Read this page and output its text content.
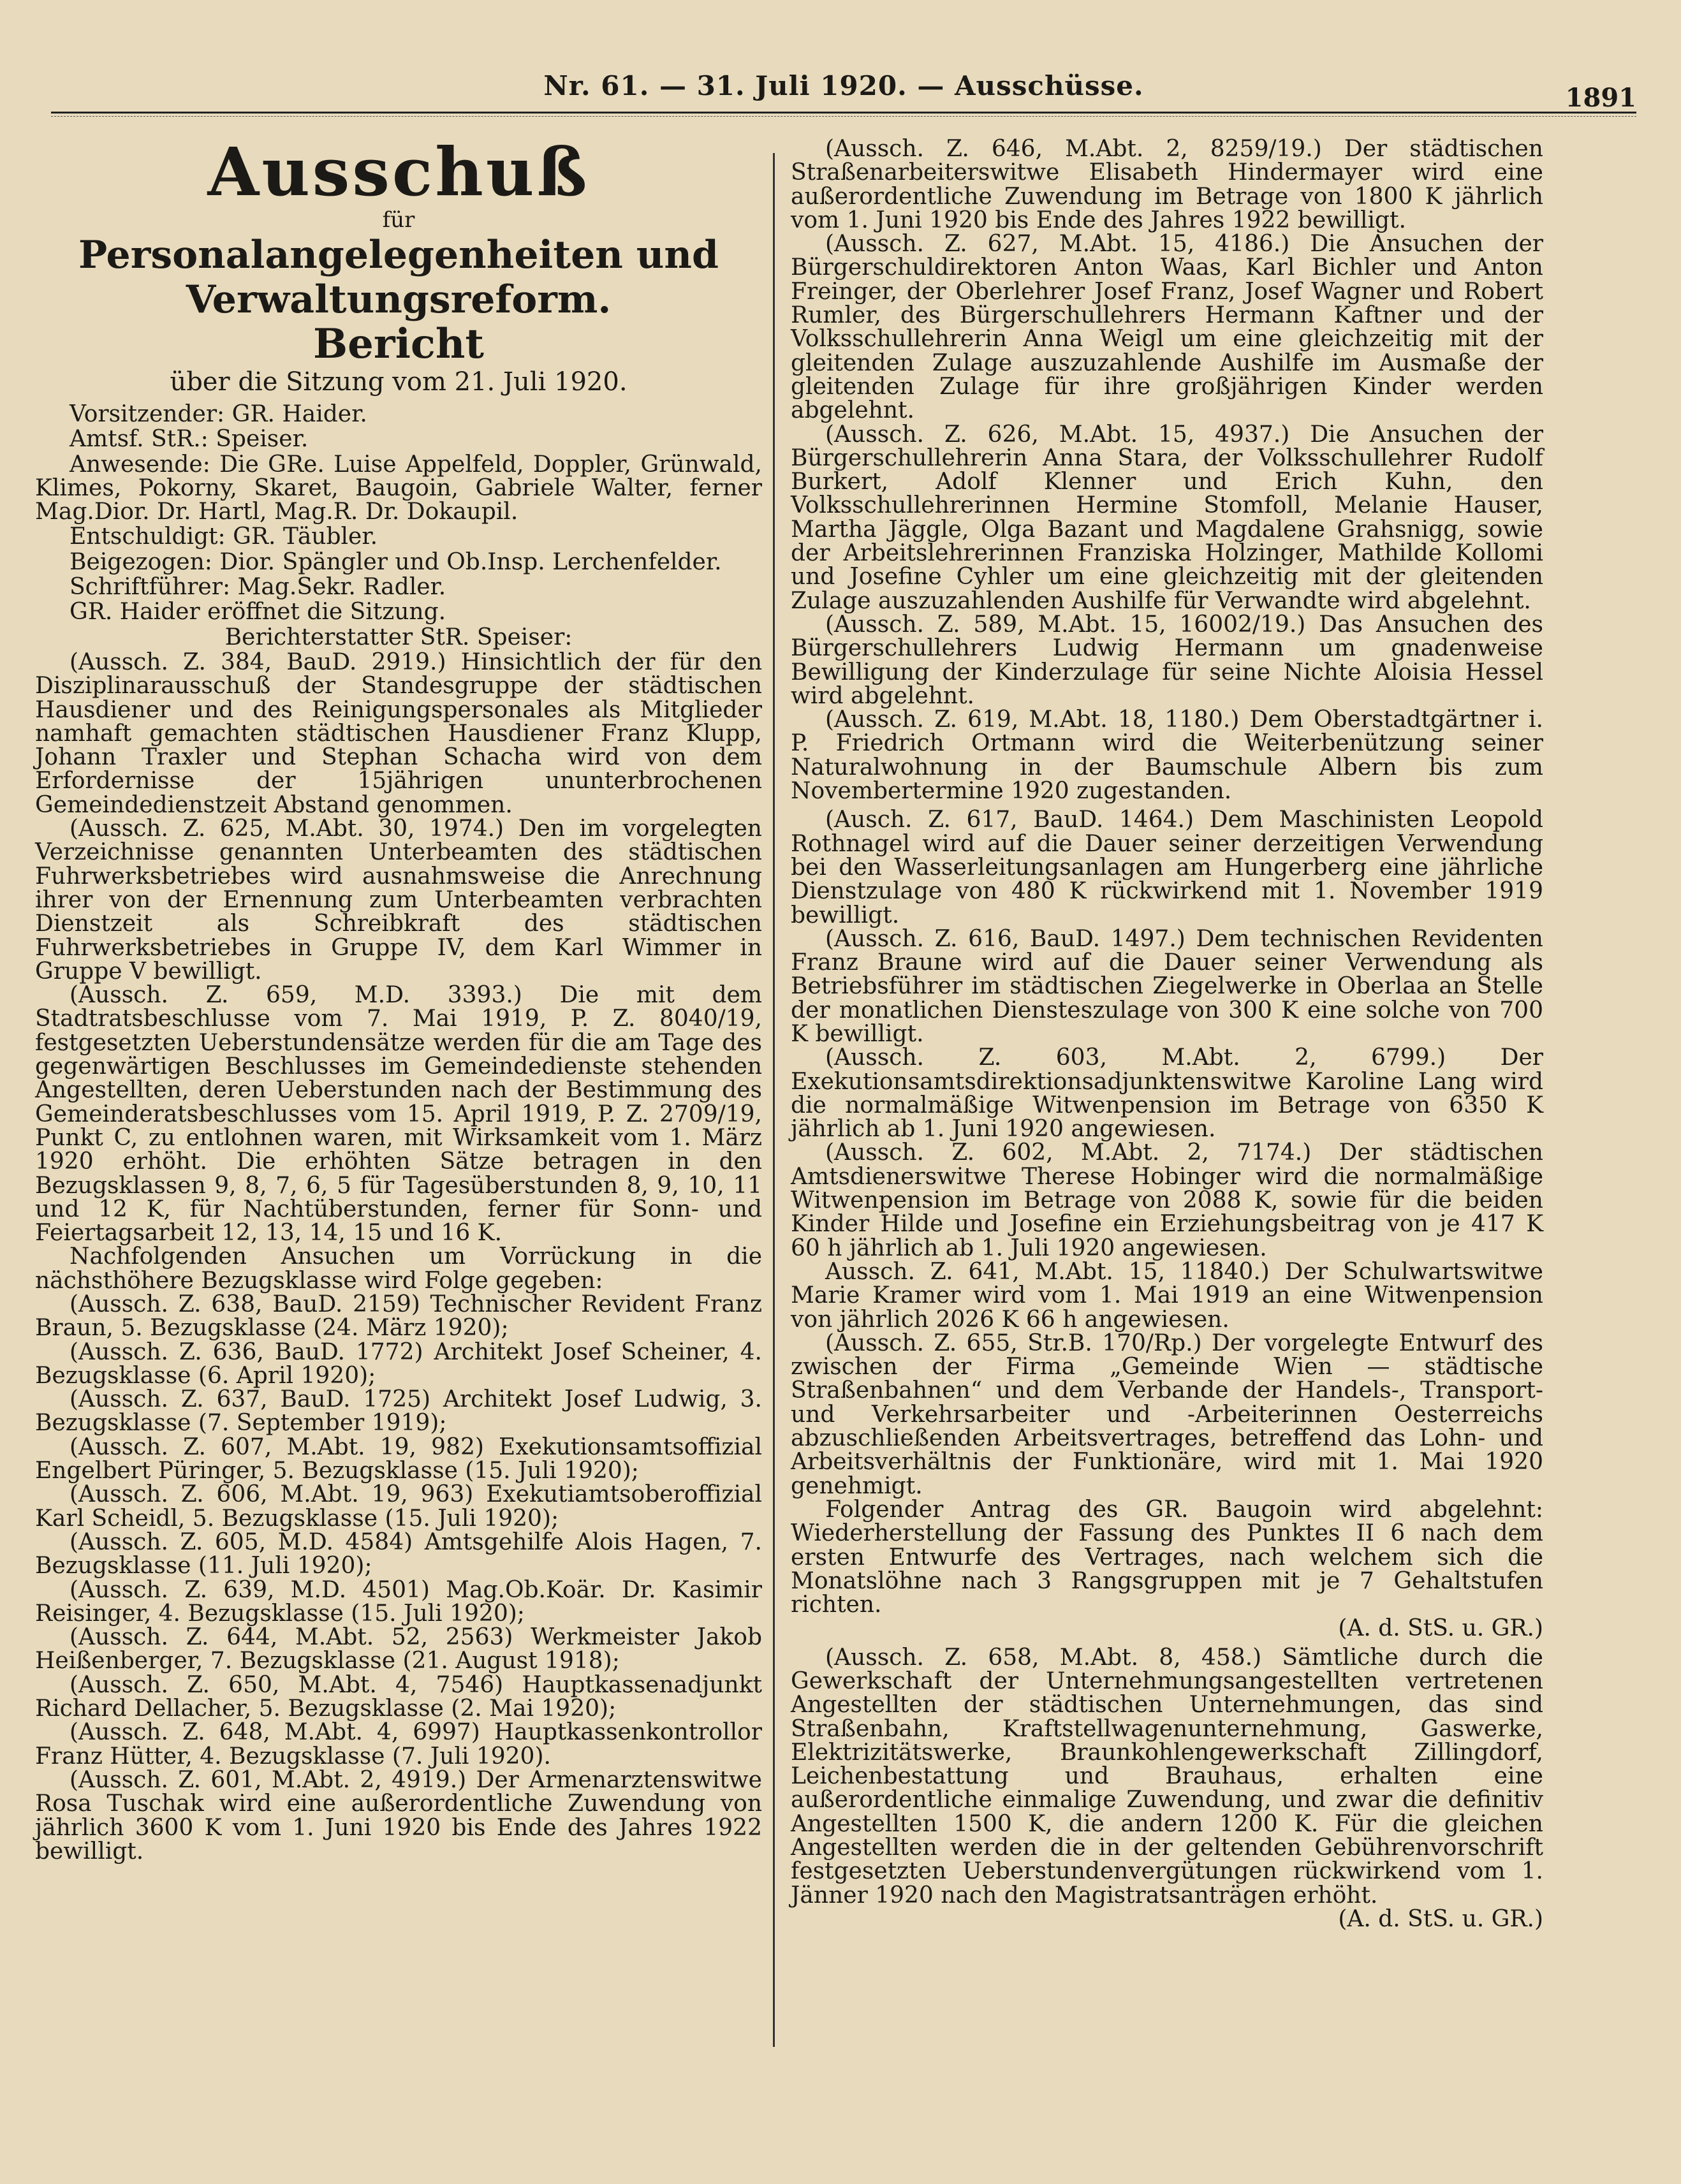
Nr. 61. — 31. Juli 1920. — Ausschüsse.	1891
Ausschuß
für
Personalangelegenheiten und Verwaltungsreform.
Bericht
über die Sitzung vom 21. Juli 1920.

Vorsitzender: GR. Haider.

Amtsf. StR.: Speiser.

Anwesende: Die GRe. Luise Appelfeld, Doppler, Grünwald, Klimes, Pokorny, Skaret, Baugoin, Gabriele Walter, ferner Mag.Dior. Dr. Hartl, Mag.R. Dr. Dokaupil.

Entschuldigt: GR. Täubler.

Beigezogen: Dior. Spängler und Ob.Insp. Lerchenfelder.

Schriftführer: Mag.Sekr. Radler.

GR. Haider eröffnet die Sitzung.

Berichterstatter StR. Speiser:

(Aussch. Z. 384, BauD. 2919.) Hinsichtlich der für den Disziplinarausschuß der Standesgruppe der städtischen Hausdiener und des Reinigungspersonales als Mitglieder namhaft gemachten städtischen Hausdiener Franz Klupp, Johann Traxler und Stephan Schacha wird von dem Erfordernisse der 15jährigen ununterbrochenen Gemeindedienstzeit Abstand genommen.

(Aussch. Z. 625, M.Abt. 30, 1974.) Den im vorgelegten Verzeichnisse genannten Unterbeamten des städtischen Fuhrwerksbetriebes wird ausnahmsweise die Anrechnung ihrer von der Ernennung zum Unterbeamten verbrachten Dienstzeit als Schreibkraft des städtischen Fuhrwerksbetriebes in Gruppe IV, dem Karl Wimmer in Gruppe V bewilligt.

(Aussch. Z. 659, M.D. 3393.) Die mit dem Stadtratsbeschlusse vom 7. Mai 1919, P. Z. 8040/19, festgesetzten Ueberstundensätze werden für die am Tage des gegenwärtigen Beschlusses im Gemeindedienste stehenden Angestellten, deren Ueberstunden nach der Bestimmung des Gemeinderatsbeschlusses vom 15. April 1919, P. Z. 2709/19, Punkt C, zu entlohnen waren, mit Wirksamkeit vom 1. März 1920 erhöht. Die erhöhten Sätze betragen in den Bezugsklassen 9, 8, 7, 6, 5 für Tagesüberstunden 8, 9, 10, 11 und 12 K, für Nachtüberstunden, ferner für Sonn- und Feiertagsarbeit 12, 13, 14, 15 und 16 K.

Nachfolgenden Ansuchen um Vorrückung in die nächsthöhere Bezugsklasse wird Folge gegeben:

(Aussch. Z. 638, BauD. 2159) Technischer Revident Franz Braun, 5. Bezugsklasse (24. März 1920);

(Aussch. Z. 636, BauD. 1772) Architekt Josef Scheiner, 4. Bezugsklasse (6. April 1920);

(Aussch. Z. 637, BauD. 1725) Architekt Josef Ludwig, 3. Bezugsklasse (7. September 1919);

(Aussch. Z. 607, M.Abt. 19, 982) Exekutionsamtsoffizial Engelbert Püringer, 5. Bezugsklasse (15. Juli 1920);

(Aussch. Z. 606, M.Abt. 19, 963) Exekutiamtsoberoffizial Karl Scheidl, 5. Bezugsklasse (15. Juli 1920);

(Aussch. Z. 605, M.D. 4584) Amtsgehilfe Alois Hagen, 7. Bezugsklasse (11. Juli 1920);

(Aussch. Z. 639, M.D. 4501) Mag.Ob.Koär. Dr. Kasimir Reisinger, 4. Bezugsklasse (15. Juli 1920);

(Aussch. Z. 644, M.Abt. 52, 2563) Werkmeister Jakob Heißenberger, 7. Bezugsklasse (21. August 1918);

(Aussch. Z. 650, M.Abt. 4, 7546) Hauptkassenadjunkt Richard Dellacher, 5. Bezugsklasse (2. Mai 1920);

(Aussch. Z. 648, M.Abt. 4, 6997) Hauptkassenkontrollor Franz Hütter, 4. Bezugsklasse (7. Juli 1920).

(Aussch. Z. 601, M.Abt. 2, 4919.) Der Armenarztenswitwe Rosa Tuschak wird eine außerordentliche Zuwendung von jährlich 3600 K vom 1. Juni 1920 bis Ende des Jahres 1922 bewilligt.

(Aussch. Z. 646, M.Abt. 2, 8259/19.) Der städtischen Straßenarbeiterswitwe Elisabeth Hindermayer wird eine außerordentliche Zuwendung im Betrage von 1800 K jährlich vom 1. Juni 1920 bis Ende des Jahres 1922 bewilligt.

(Aussch. Z. 627, M.Abt. 15, 4186.) Die Ansuchen der Bürgerschuldirektoren Anton Waas, Karl Bichler und Anton Freinger, der Oberlehrer Josef Franz, Josef Wagner und Robert Rumler, des Bürgerschullehrers Hermann Kaftner und der Volksschullehrerin Anna Weigl um eine gleichzeitig mit der gleitenden Zulage auszuzahlende Aushilfe im Ausmaße der gleitenden Zulage für ihre großjährigen Kinder werden abgelehnt.

(Aussch. Z. 626, M.Abt. 15, 4937.) Die Ansuchen der Bürgerschullehrerin Anna Stara, der Volksschullehrer Rudolf Burkert, Adolf Klenner und Erich Kuhn, den Volksschullehrerinnen Hermine Stomfoll, Melanie Hauser, Martha Jäggle, Olga Bazant und Magdalene Grahsnigg, sowie der Arbeitslehrerinnen Franziska Holzinger, Mathilde Kollomi und Josefine Cyhler um eine gleichzeitig mit der gleitenden Zulage auszuzahlenden Aushilfe für Verwandte wird abgelehnt.

(Aussch. Z. 589, M.Abt. 15, 16002/19.) Das Ansuchen des Bürgerschullehrers Ludwig Hermann um gnadenweise Bewilligung der Kinderzulage für seine Nichte Aloisia Hessel wird abgelehnt.

(Aussch. Z. 619, M.Abt. 18, 1180.) Dem Oberstadtgärtner i. P. Friedrich Ortmann wird die Weiterbenützung seiner Naturalwohnung in der Baumschule Albern bis zum Novembertermine 1920 zugestanden.

(Ausch. Z. 617, BauD. 1464.) Dem Maschinisten Leopold Rothnagel wird auf die Dauer seiner derzeitigen Verwendung bei den Wasserleitungsanlagen am Hungerberg eine jährliche Dienstzulage von 480 K rückwirkend mit 1. November 1919 bewilligt.

(Aussch. Z. 616, BauD. 1497.) Dem technischen Revidenten Franz Braune wird auf die Dauer seiner Verwendung als Betriebsführer im städtischen Ziegelwerke in Oberlaa an Stelle der monatlichen Diensteszulage von 300 K eine solche von 700 K bewilligt.

(Aussch. Z. 603, M.Abt. 2, 6799.) Der Exekutionsamtsdirektionsadjunktenswitwe Karoline Lang wird die normalmäßige Witwenpension im Betrage von 6350 K jährlich ab 1. Juni 1920 angewiesen.

(Aussch. Z. 602, M.Abt. 2, 7174.) Der städtischen Amtsdienerswitwe Therese Hobinger wird die normalmäßige Witwenpension im Betrage von 2088 K, sowie für die beiden Kinder Hilde und Josefine ein Erziehungsbeitrag von je 417 K 60 h jährlich ab 1. Juli 1920 angewiesen.

Aussch. Z. 641, M.Abt. 15, 11840.) Der Schulwartswitwe Marie Kramer wird vom 1. Mai 1919 an eine Witwenpension von jährlich 2026 K 66 h angewiesen.

(Aussch. Z. 655, Str.B. 170/Rp.) Der vorgelegte Entwurf des zwischen der Firma „Gemeinde Wien — städtische Straßenbahnen“ und dem Verbande der Handels-, Transport- und Verkehrsarbeiter und -Arbeiterinnen Oesterreichs abzuschließenden Arbeitsvertrages, betreffend das Lohn- und Arbeitsverhältnis der Funktionäre, wird mit 1. Mai 1920 genehmigt.

Folgender Antrag des GR. Baugoin wird abgelehnt: Wiederherstellung der Fassung des Punktes II 6 nach dem ersten Entwurfe des Vertrages, nach welchem sich die Monatslöhne nach 3 Rangsgruppen mit je 7 Gehaltstufen richten.

(A. d. StS. u. GR.)

(Aussch. Z. 658, M.Abt. 8, 458.) Sämtliche durch die Gewerkschaft der Unternehmungsangestellten vertretenen Angestellten der städtischen Unternehmungen, das sind Straßenbahn, Kraftstellwagenunternehmung, Gaswerke, Elektrizitätswerke, Braunkohlengewerkschaft Zillingdorf, Leichenbestattung und Brauhaus, erhalten eine außerordentliche einmalige Zuwendung, und zwar die definitiv Angestellten 1500 K, die andern 1200 K. Für die gleichen Angestellten werden die in der geltenden Gebührenvorschrift festgesetzten Ueberstundenvergütungen rückwirkend vom 1. Jänner 1920 nach den Magistratsanträgen erhöht.

(A. d. StS. u. GR.)
